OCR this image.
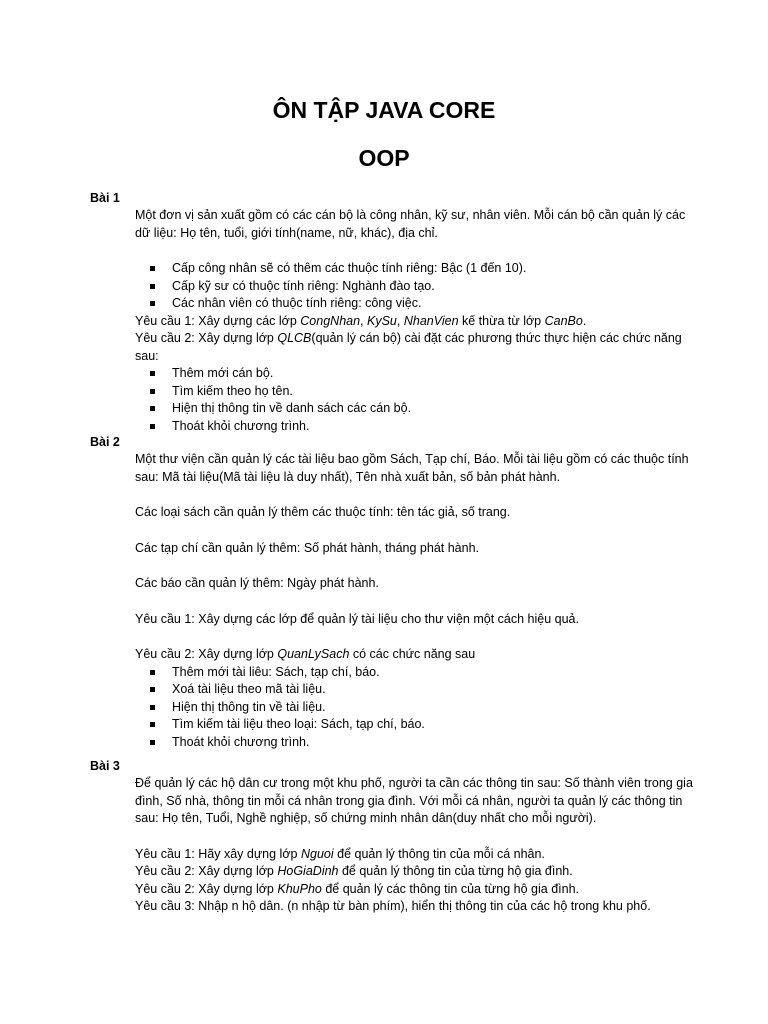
ÔN TẬP JAVA CORE
OOP
Bài 1

Một đơn vị sản xuất gồm có các cán bộ là công nhân, kỹ sư, nhân viên. Mỗi cán bộ cần quản lý các dữ liệu: Họ tên, tuổi, giới tính(name, nữ, khác), địa chỉ.

Cấp công nhân sẽ có thêm các thuộc tính riêng: Bậc (1 đến 10).
Cấp kỹ sư có thuộc tính riêng: Nghành đào tạo.
Các nhân viên có thuộc tính riêng: công việc.

Yêu cầu 1: Xây dựng các lớp CongNhan, KySu, NhanVien kế thừa từ lớp CanBo.

Yêu cầu 2: Xây dựng lớp QLCB(quản lý cán bộ) cài đặt các phương thức thực hiện các chức năng sau:

Thêm mới cán bộ.
Tìm kiếm theo họ tên.
Hiện thị thông tin về danh sách các cán bộ.
Thoát khỏi chương trình.
Bài 2

Một thư viện cần quản lý các tài liệu bao gồm Sách, Tạp chí, Báo. Mỗi tài liệu gồm có các thuộc tính sau: Mã tài liệu(Mã tài liệu là duy nhất), Tên nhà xuất bản, số bản phát hành.

Các loại sách cần quản lý thêm các thuộc tính: tên tác giả, số trang.

Các tạp chí cần quản lý thêm: Số phát hành, tháng phát hành.

Các báo cần quản lý thêm: Ngày phát hành.

Yêu cầu 1: Xây dựng các lớp để quản lý tài liệu cho thư viện một cách hiệu quả.

Yêu cầu 2: Xây dựng lớp QuanLySach có các chức năng sau

Thêm mới tài liêu: Sách, tạp chí, báo.
Xoá tài liệu theo mã tài liệu.
Hiện thị thông tin về tài liệu.
Tìm kiếm tài liệu theo loại: Sách, tạp chí, báo.
Thoát khỏi chương trình.
Bài 3

Để quản lý các hộ dân cư trong một khu phố, người ta cần các thông tin sau: Số thành viên trong gia đình, Số nhà, thông tin mỗi cá nhân trong gia đình. Với mỗi cá nhân, người ta quản lý các thông tin sau: Họ tên, Tuổi, Nghề nghiệp, số chứng minh nhân dân(duy nhất cho mỗi người).

Yêu cầu 1: Hãy xây dựng lớp Nguoi để quản lý thông tin của mỗi cá nhân.

Yêu cầu 2: Xây dựng lớp HoGiaDinh để quản lý thông tin của từng hộ gia đình.

Yêu cầu 2: Xây dựng lớp KhuPho để quản lý các thông tin của từng hộ gia đình.

Yêu cầu 3: Nhập n hộ dân. (n nhập từ bàn phím), hiển thị thông tin của các hộ trong khu phố.
